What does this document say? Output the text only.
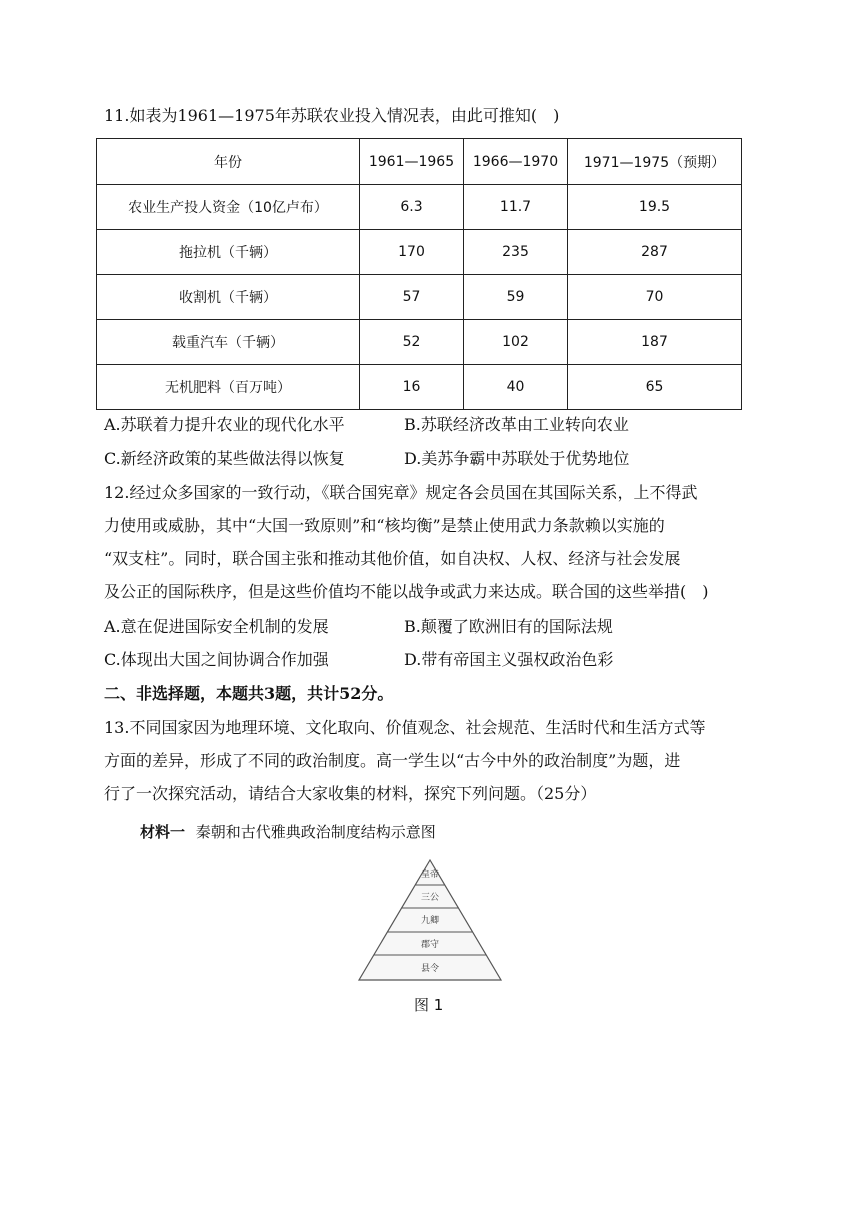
11.如表为1961—1975年苏联农业投入情况表，由此可推知(　)
年份	1961—1965	1966—1970	1971—1975（预期）
农业生产投人资金（10亿卢布）	6.3	11.7	19.5
拖拉机（千辆）	170	235	287
收割机（千辆）	57	59	70
载重汽车（千辆）	52	102	187
无机肥料（百万吨）	16	40	65
A.苏联着力提升农业的现代化水平	B.苏联经济改革由工业转向农业
C.新经济政策的某些做法得以恢复	D.美苏争霸中苏联处于优势地位
12.经过众多国家的一致行动，《联合国宪章》规定各会员国在其国际关系，上不得武
力使用或威胁，其中“大国一致原则”和“核均衡”是禁止使用武力条款赖以实施的
“双支柱”。同时，联合国主张和推动其他价值，如自决权、人权、经济与社会发展
及公正的国际秩序，但是这些价值均不能以战争或武力来达成。联合国的这些举措(　)
A.意在促进国际安全机制的发展	B.颠覆了欧洲旧有的国际法规
C.体现出大国之间协调合作加强	D.带有帝国主义强权政治色彩
二、非选择题，本题共3题，共计52分。
13.不同国家因为地理环境、文化取向、价值观念、社会规范、生活时代和生活方式等
方面的差异，形成了不同的政治制度。高一学生以“古今中外的政治制度”为题，进
行了一次探究活动，请结合大家收集的材料，探究下列问题。（25分）
材料一 秦朝和古代雅典政治制度结构示意图
皇帝
三公
九卿
郡守
县令
图 1
